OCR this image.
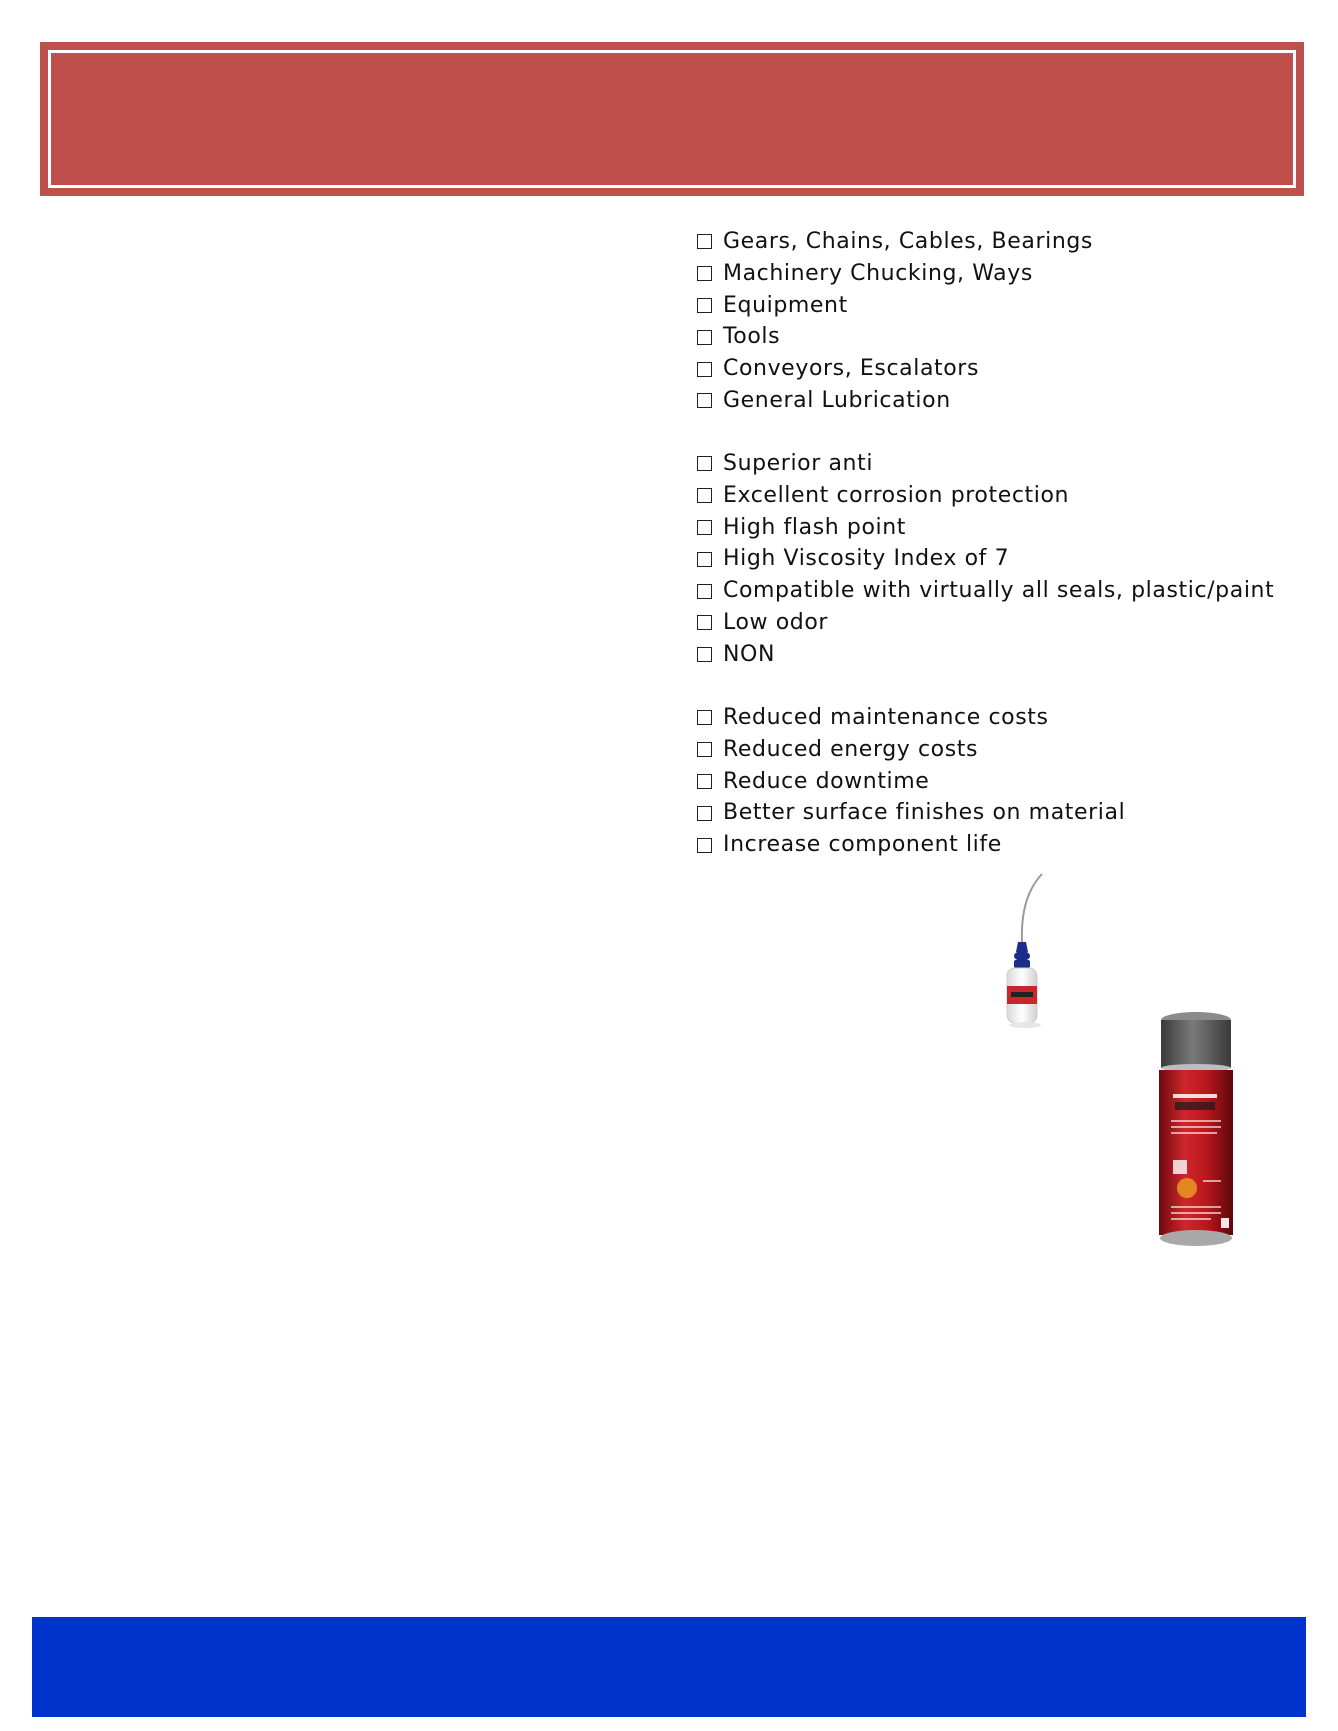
Gears, Chains, Cables, Bearings
Machinery Chucking, Ways
Equipment
Tools
Conveyors, Escalators
General Lubrication
Superior anti
Excellent corrosion protection
High flash point
High Viscosity Index of 7
Compatible with virtually all seals, plastic/paint
Low odor
NON
Reduced maintenance costs
Reduced energy costs
Reduce downtime
Better surface finishes on material
Increase component life
